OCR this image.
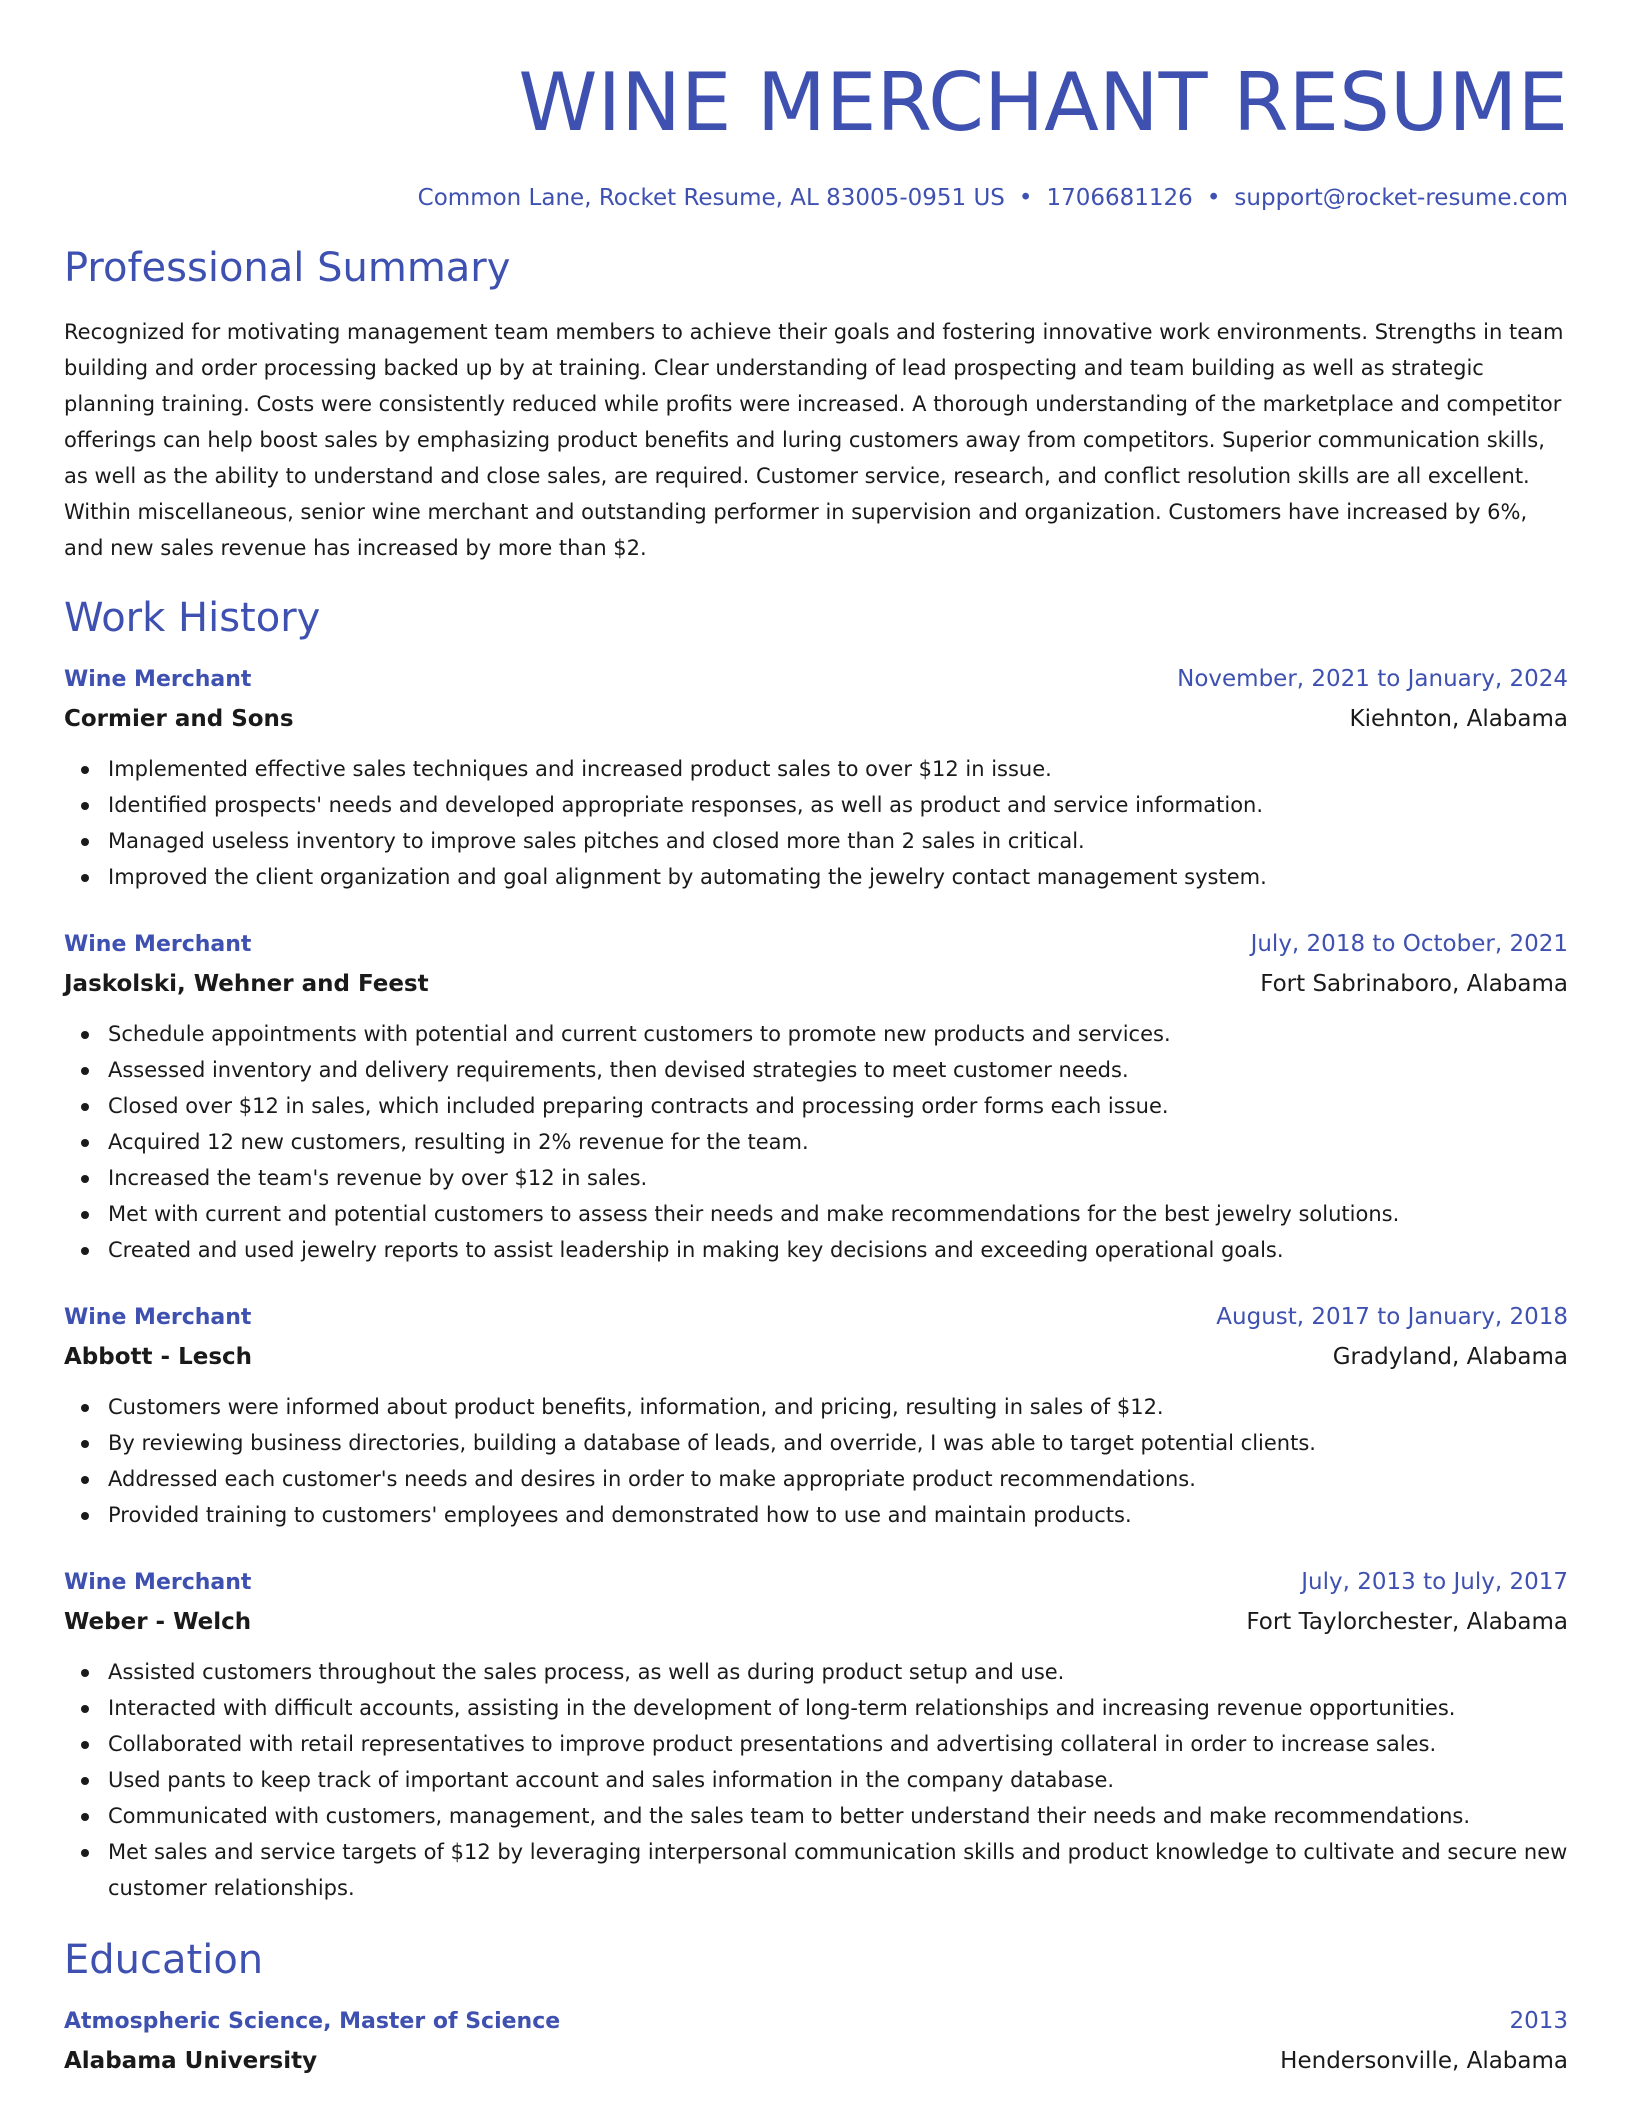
WINE MERCHANT RESUME
Common Lane, Rocket Resume, AL 83005-0951 US • 1706681126 • support@rocket-resume.com
Professional Summary

Recognized for motivating management team members to achieve their goals and fostering innovative work environments. Strengths in team building and order processing backed up by at training. Clear understanding of lead prospecting and team building as well as strategic planning training. Costs were consistently reduced while profits were increased. A thorough understanding of the marketplace and competitor offerings can help boost sales by emphasizing product benefits and luring customers away from competitors. Superior communication skills, as well as the ability to understand and close sales, are required. Customer service, research, and conflict resolution skills are all excellent. Within miscellaneous, senior wine merchant and outstanding performer in supervision and organization. Customers have increased by 6%, and new sales revenue has increased by more than $2.

Work History
Wine Merchant	November, 2021 to January, 2024
Cormier and Sons	Kiehnton, Alabama
Implemented effective sales techniques and increased product sales to over $12 in issue.
Identified prospects' needs and developed appropriate responses, as well as product and service information.
Managed useless inventory to improve sales pitches and closed more than 2 sales in critical.
Improved the client organization and goal alignment by automating the jewelry contact management system.
Wine Merchant	July, 2018 to October, 2021
Jaskolski, Wehner and Feest	Fort Sabrinaboro, Alabama
Schedule appointments with potential and current customers to promote new products and services.
Assessed inventory and delivery requirements, then devised strategies to meet customer needs.
Closed over $12 in sales, which included preparing contracts and processing order forms each issue.
Acquired 12 new customers, resulting in 2% revenue for the team.
Increased the team's revenue by over $12 in sales.
Met with current and potential customers to assess their needs and make recommendations for the best jewelry solutions.
Created and used jewelry reports to assist leadership in making key decisions and exceeding operational goals.
Wine Merchant	August, 2017 to January, 2018
Abbott - Lesch	Gradyland, Alabama
Customers were informed about product benefits, information, and pricing, resulting in sales of $12.
By reviewing business directories, building a database of leads, and override, I was able to target potential clients.
Addressed each customer's needs and desires in order to make appropriate product recommendations.
Provided training to customers' employees and demonstrated how to use and maintain products.
Wine Merchant	July, 2013 to July, 2017
Weber - Welch	Fort Taylorchester, Alabama
Assisted customers throughout the sales process, as well as during product setup and use.
Interacted with difficult accounts, assisting in the development of long-term relationships and increasing revenue opportunities.
Collaborated with retail representatives to improve product presentations and advertising collateral in order to increase sales.
Used pants to keep track of important account and sales information in the company database.
Communicated with customers, management, and the sales team to better understand their needs and make recommendations.
Met sales and service targets of $12 by leveraging interpersonal communication skills and product knowledge to cultivate and secure new customer relationships.
Education
Atmospheric Science, Master of Science	2013
Alabama University	Hendersonville, Alabama
